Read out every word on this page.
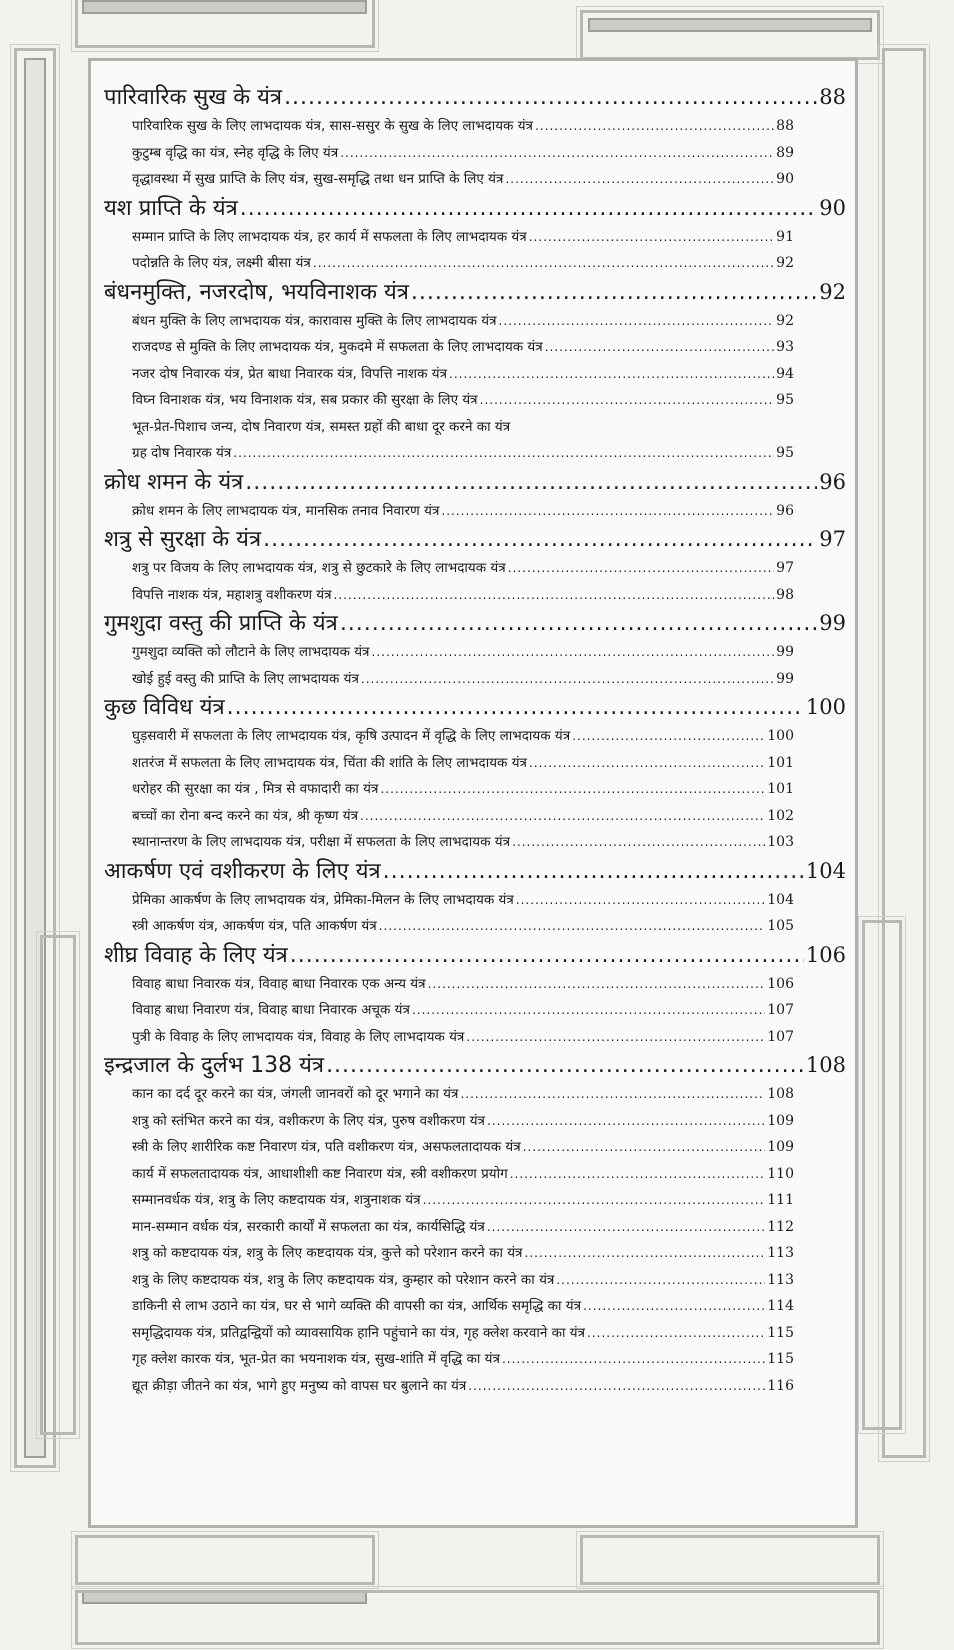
पारिवारिक सुख के यंत्र .....	88
पारिवारिक सुख के लिए लाभदायक यंत्र, सास-ससुर के सुख के लिए लाभदायक यंत्र .....	88
कुटुम्ब वृद्धि का यंत्र, स्नेह वृद्धि के लिए यंत्र .....	89
वृद्धावस्था में सुख प्राप्ति के लिए यंत्र, सुख-समृद्धि तथा धन प्राप्ति के लिए यंत्र .....	90
यश प्राप्ति के यंत्र .....	90
सम्मान प्राप्ति के लिए लाभदायक यंत्र, हर कार्य में सफलता के लिए लाभदायक यंत्र .....	91
पदोन्नति के लिए यंत्र, लक्ष्मी बीसा यंत्र .....	92
बंधनमुक्ति, नजरदोष, भयविनाशक यंत्र .....	92
बंधन मुक्ति के लिए लाभदायक यंत्र, कारावास मुक्ति के लिए लाभदायक यंत्र .....	92
राजदण्ड से मुक्ति के लिए लाभदायक यंत्र, मुकदमे में सफलता के लिए लाभदायक यंत्र .....	93
नजर दोष निवारक यंत्र, प्रेत बाधा निवारक यंत्र, विपत्ति नाशक यंत्र .....	94
विघ्न विनाशक यंत्र, भय विनाशक यंत्र, सब प्रकार की सुरक्षा के लिए यंत्र .....	95
भूत-प्रेत-पिशाच जन्य, दोष निवारण यंत्र, समस्त ग्रहों की बाधा दूर करने का यंत्र
ग्रह दोष निवारक यंत्र .....	95
क्रोध शमन के यंत्र .....	96
क्रोध शमन के लिए लाभदायक यंत्र, मानसिक तनाव निवारण यंत्र .....	96
शत्रु से सुरक्षा के यंत्र .....	97
शत्रु पर विजय के लिए लाभदायक यंत्र, शत्रु से छुटकारे के लिए लाभदायक यंत्र .....	97
विपत्ति नाशक यंत्र, महाशत्रु वशीकरण यंत्र .....	98
गुमशुदा वस्तु की प्राप्ति के यंत्र .....	99
गुमशुदा व्यक्ति को लौटाने के लिए लाभदायक यंत्र .....	99
खोई हुई वस्तु की प्राप्ति के लिए लाभदायक यंत्र .....	99
कुछ विविध यंत्र .....	100
घुड़सवारी में सफलता के लिए लाभदायक यंत्र, कृषि उत्पादन में वृद्धि के लिए लाभदायक यंत्र .....	100
शतरंज में सफलता के लिए लाभदायक यंत्र, चिंता की शांति के लिए लाभदायक यंत्र .....	101
धरोहर की सुरक्षा का यंत्र , मित्र से वफादारी का यंत्र .....	101
बच्चों का रोना बन्द करने का यंत्र, श्री कृष्ण यंत्र .....	102
स्थानान्तरण के लिए लाभदायक यंत्र, परीक्षा में सफलता के लिए लाभदायक यंत्र .....	103
आकर्षण एवं वशीकरण के लिए यंत्र .....	104
प्रेमिका आकर्षण के लिए लाभदायक यंत्र, प्रेमिका-मिलन के लिए लाभदायक यंत्र .....	104
स्त्री आकर्षण यंत्र, आकर्षण यंत्र, पति आकर्षण यंत्र .....	105
शीघ्र विवाह के लिए यंत्र .....	106
विवाह बाधा निवारक यंत्र, विवाह बाधा निवारक एक अन्य यंत्र .....	106
विवाह बाधा निवारण यंत्र, विवाह बाधा निवारक अचूक यंत्र .....	107
पुत्री के विवाह के लिए लाभदायक यंत्र, विवाह के लिए लाभदायक यंत्र .....	107
इन्द्रजाल के दुर्लभ 138 यंत्र .....	108
कान का दर्द दूर करने का यंत्र, जंगली जानवरों को दूर भगाने का यंत्र .....	108
शत्रु को स्तंभित करने का यंत्र, वशीकरण के लिए यंत्र, पुरुष वशीकरण यंत्र .....	109
स्त्री के लिए शारीरिक कष्ट निवारण यंत्र, पति वशीकरण यंत्र, असफलतादायक यंत्र .....	109
कार्य में सफलतादायक यंत्र, आधाशीशी कष्ट निवारण यंत्र, स्त्री वशीकरण प्रयोग .....	110
सम्मानवर्धक यंत्र, शत्रु के लिए कष्टदायक यंत्र, शत्रुनाशक यंत्र .....	111
मान-सम्मान वर्धक यंत्र, सरकारी कार्यों में सफलता का यंत्र, कार्यसिद्धि यंत्र .....	112
शत्रु को कष्टदायक यंत्र, शत्रु के लिए कष्टदायक यंत्र, कुत्ते को परेशान करने का यंत्र .....	113
शत्रु के लिए कष्टदायक यंत्र, शत्रु के लिए कष्टदायक यंत्र, कुम्हार को परेशान करने का यंत्र .....	113
डाकिनी से लाभ उठाने का यंत्र, घर से भागे व्यक्ति की वापसी का यंत्र, आर्थिक समृद्धि का यंत्र .....	114
समृद्धिदायक यंत्र, प्रतिद्वन्द्वियों को व्यावसायिक हानि पहुंचाने का यंत्र, गृह क्लेश करवाने का यंत्र .....	115
गृह क्लेश कारक यंत्र, भूत-प्रेत का भयनाशक यंत्र, सुख-शांति में वृद्धि का यंत्र .....	115
द्यूत क्रीड़ा जीतने का यंत्र, भागे हुए मनुष्य को वापस घर बुलाने का यंत्र .....	116
